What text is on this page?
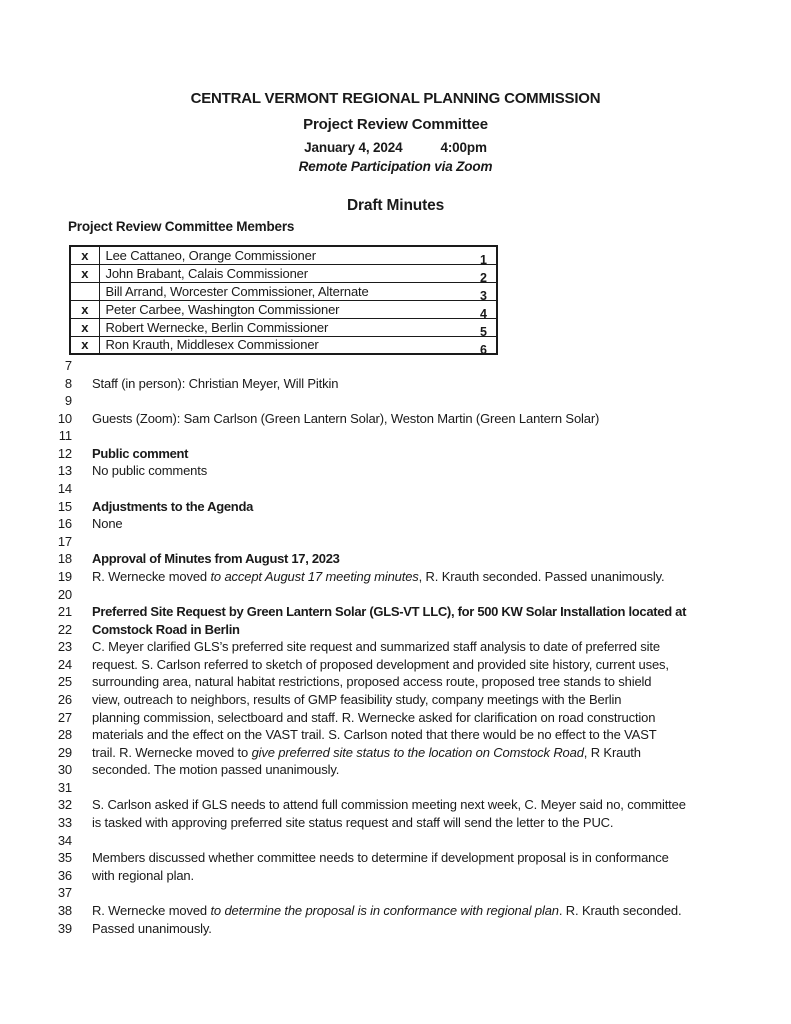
CENTRAL VERMONT REGIONAL PLANNING COMMISSION
Project Review Committee
January 4, 2024	4:00pm
Remote Participation via Zoom
Draft Minutes
Project Review Committee Members
x	Lee Cattaneo, Orange Commissioner 1

x	John Brabant, Calais Commissioner 2

	Bill Arrand, Worcester Commissioner, Alternate 3

x	Peter Carbee, Washington Commissioner 4

x	Robert Wernecke, Berlin Commissioner 5

x	Ron Krauth, Middlesex Commissioner 6
7
8 Staff (in person): Christian Meyer, Will Pitkin
9
10 Guests (Zoom): Sam Carlson (Green Lantern Solar), Weston Martin (Green Lantern Solar)
11
12 Public comment
13 No public comments
14
15 Adjustments to the Agenda
16 None
17
18 Approval of Minutes from August 17, 2023
19 R. Wernecke moved to accept August 17 meeting minutes, R. Krauth seconded. Passed unanimously.
20
21 Preferred Site Request by Green Lantern Solar (GLS-VT LLC), for 500 KW Solar Installation located at
22 Comstock Road in Berlin
23 C. Meyer clarified GLS’s preferred site request and summarized staff analysis to date of preferred site
24 request. S. Carlson referred to sketch of proposed development and provided site history, current uses,
25 surrounding area, natural habitat restrictions, proposed access route, proposed tree stands to shield
26 view, outreach to neighbors, results of GMP feasibility study, company meetings with the Berlin
27 planning commission, selectboard and staff. R. Wernecke asked for clarification on road construction
28 materials and the effect on the VAST trail. S. Carlson noted that there would be no effect to the VAST
29 trail. R. Wernecke moved to give preferred site status to the location on Comstock Road, R Krauth
30 seconded. The motion passed unanimously.
31
32 S. Carlson asked if GLS needs to attend full commission meeting next week, C. Meyer said no, committee
33 is tasked with approving preferred site status request and staff will send the letter to the PUC.
34
35 Members discussed whether committee needs to determine if development proposal is in conformance
36 with regional plan.
37
38 R. Wernecke moved to determine the proposal is in conformance with regional plan. R. Krauth seconded.
39 Passed unanimously.
